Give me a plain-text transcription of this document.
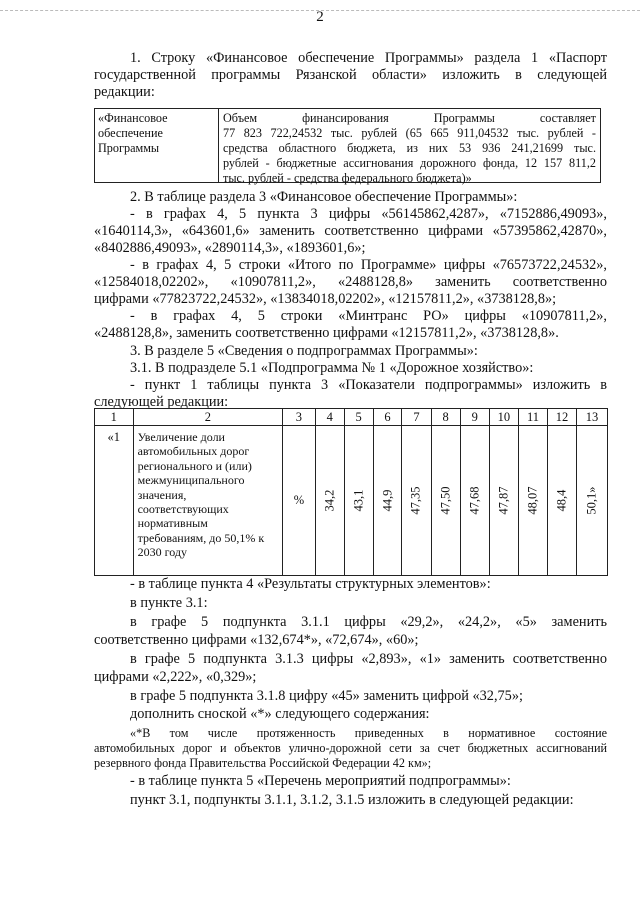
2
1. Строку «Финансовое обеспечение Программы» раздела 1 «Паспорт
государственной программы Рязанской области» изложить в следующей
редакции:
«Финансовое обеспечение Программы
Объем финансирования Программы составляет
77 823 722,24532 тыс. рублей (65 665 911,04532 тыс. рублей -
средства областного бюджета, из них 53 936 241,21699 тыс.
рублей - бюджетные ассигнования дорожного фонда, 12 157 811,2
тыс. рублей - средства федерального бюджета)»
2. В таблице раздела 3 «Финансовое обеспечение Программы»:
- в графах 4, 5 пункта 3 цифры «56145862,4287», «7152886,49093»,
«1640114,3», «643601,6» заменить соответственно цифрами «57395862,42870»,
«8402886,49093», «2890114,3», «1893601,6»;
- в графах 4, 5 строки «Итого по Программе» цифры «76573722,24532»,
«12584018,02202», «10907811,2», «2488128,8» заменить соответственно
цифрами «77823722,24532», «13834018,02202», «12157811,2», «3738128,8»;
- в графах 4, 5 строки «Минтранс РО» цифры «10907811,2»,
«2488128,8», заменить соответственно цифрами «12157811,2», «3738128,8».
3. В разделе 5 «Сведения о подпрограммах Программы»:
3.1. В подразделе 5.1 «Подпрограмма № 1 «Дорожное хозяйство»:
- пункт 1 таблицы пункта 3 «Показатели подпрограммы» изложить в
следующей редакции:
1	2	3	4	5	6	7	8	9	10	11	12	13
«1	Увеличение доли автомобильных дорог регионального и (или) межмуниципального значения, соответствующих нормативным требованиям, до 50,1% к 2030 году	%	34,2	43,1	44,9	47,35	47,50	47,68	47,87	48,07	48,4	50,1»
- в таблице пункта 4 «Результаты структурных элементов»:
в пункте 3.1:
в графе 5 подпункта 3.1.1 цифры «29,2», «24,2», «5» заменить
соответственно цифрами «132,674*», «72,674», «60»;
в графе 5 подпункта 3.1.3 цифры «2,893», «1» заменить соответственно
цифрами «2,222», «0,329»;
в графе 5 подпункта 3.1.8 цифру «45» заменить цифрой «32,75»;
дополнить сноской «*» следующего содержания:
«*В том числе протяженность приведенных в нормативное состояние
автомобильных дорог и объектов улично-дорожной сети за счет бюджетных ассигнований
резервного фонда Правительства Российской Федерации 42 км»;
- в таблице пункта 5 «Перечень мероприятий подпрограммы»:
пункт 3.1, подпункты 3.1.1, 3.1.2, 3.1.5 изложить в следующей редакции:
